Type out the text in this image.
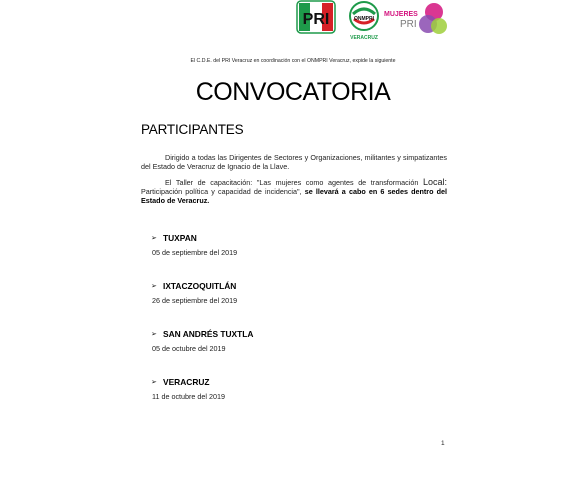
PRI	ONMPRI
VERACRUZ
MUJERES
PRI
El C.D.E. del PRI Veracruz en coordinación con el ONMPRI Veracruz, expide la siguiente
CONVOCATORIA
PARTICIPANTES
Dirigido a todas las Dirigentes de Sectores y Organizaciones, militantes y simpatizantes del Estado de Veracruz de Ignacio de la Llave.
El Taller de capacitación: "Las mujeres como agentes de transformación Local: Participación política y capacidad de incidencia", se llevará a cabo en 6 sedes dentro del Estado de Veracruz.
➢ TUXPAN
05 de septiembre del 2019
➢ IXTACZOQUITLÁN
26 de septiembre del 2019
➢ SAN ANDRÉS TUXTLA
05 de octubre del 2019
➢ VERACRUZ
11 de octubre del 2019
1
